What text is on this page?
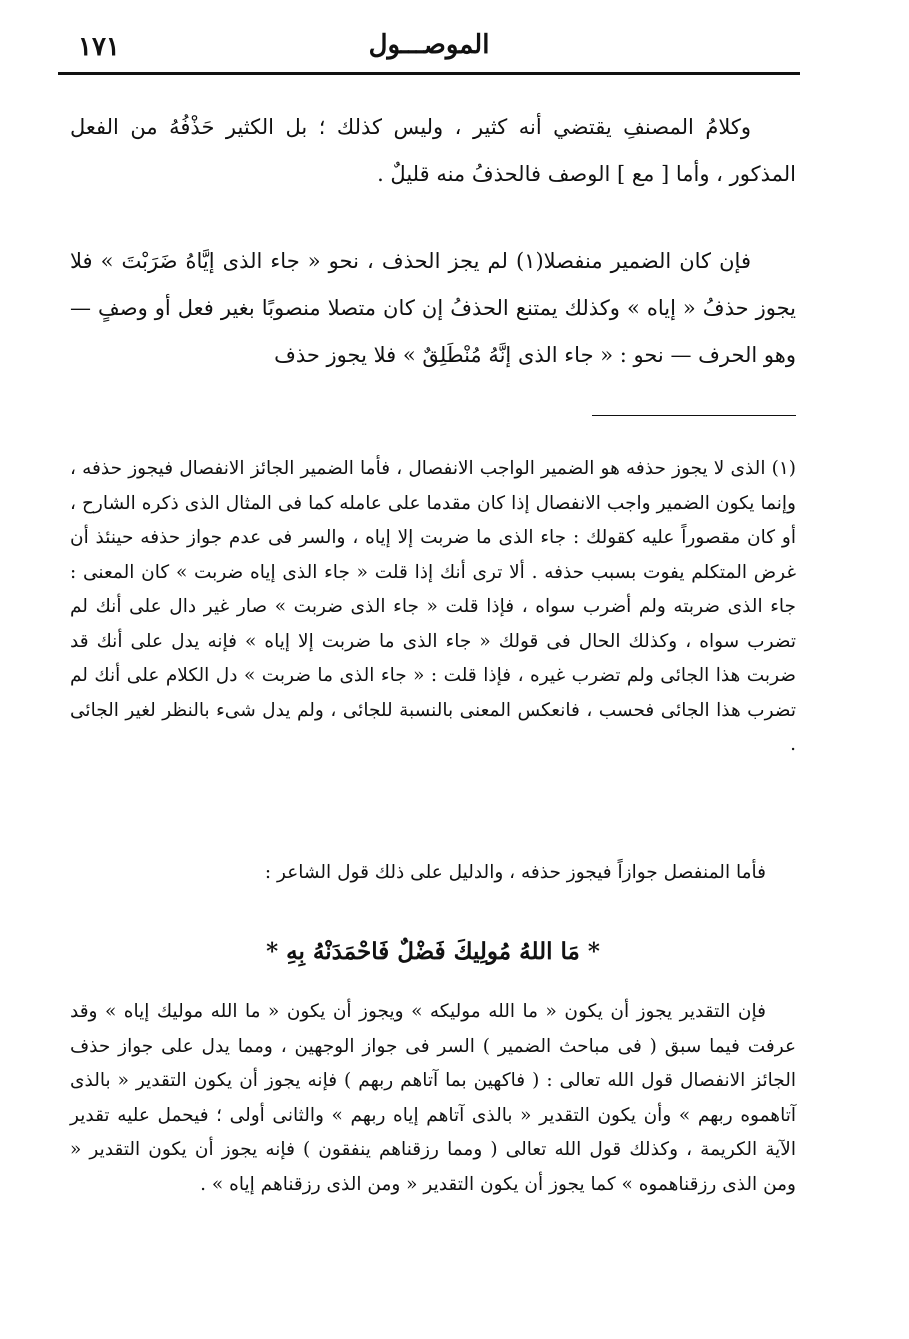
الموصـــول
١٧١
وكلامُ المصنفِ يقتضي أنه كثير ، وليس كذلك ؛ بل الكثير حَذْفُهُ من الفعل المذكور ، وأما [ مع ] الوصف فالحذفُ منه قليلٌ .
فإن كان الضمير منفصلا(١) لم يجز الحذف ، نحو « جاء الذى إيَّاهُ ضَرَبْتَ » فلا يجوز حذفُ « إياه » وكذلك يمتنع الحذفُ إن كان متصلا منصوبًا بغير فعل أو وصفٍ — وهو الحرف — نحو : « جاء الذى إنَّهُ مُنْطَلِقٌ » فلا يجوز حذف
(١) الذى لا يجوز حذفه هو الضمير الواجب الانفصال ، فأما الضمير الجائز الانفصال فيجوز حذفه ، وإنما يكون الضمير واجب الانفصال إذا كان مقدما على عامله كما فى المثال الذى ذكره الشارح ، أو كان مقصوراً عليه كقولك : جاء الذى ما ضربت إلا إياه ، والسر فى عدم جواز حذفه حينئذ أن غرض المتكلم يفوت بسبب حذفه . ألا ترى أنك إذا قلت « جاء الذى إياه ضربت » كان المعنى : جاء الذى ضربته ولم أضرب سواه ، فإذا قلت « جاء الذى ضربت » صار غير دال على أنك لم تضرب سواه ، وكذلك الحال فى قولك « جاء الذى ما ضربت إلا إياه » فإنه يدل على أنك قد ضربت هذا الجائى ولم تضرب غيره ، فإذا قلت : « جاء الذى ما ضربت » دل الكلام على أنك لم تضرب هذا الجائى فحسب ، فانعكس المعنى بالنسبة للجائى ، ولم يدل شىء بالنظر لغير الجائى .
فأما المنفصل جوازاً فيجوز حذفه ، والدليل على ذلك قول الشاعر :
* مَا اللهُ مُولِيكَ فَضْلٌ فَاحْمَدَنْهُ بِهِ *
فإن التقدير يجوز أن يكون « ما الله موليكه » ويجوز أن يكون « ما الله موليك إياه » وقد عرفت فيما سبق ( فى مباحث الضمير ) السر فى جواز الوجهين ، ومما يدل على جواز حذف الجائز الانفصال قول الله تعالى : ( فاكهين بما آتاهم ربهم ) فإنه يجوز أن يكون التقدير « بالذى آتاهموه ربهم » وأن يكون التقدير « بالذى آتاهم إياه ربهم » والثانى أولى ؛ فيحمل عليه تقدير الآية الكريمة ، وكذلك قول الله تعالى ( ومما رزقناهم ينفقون ) فإنه يجوز أن يكون التقدير « ومن الذى رزقناهموه » كما يجوز أن يكون التقدير « ومن الذى رزقناهم إياه » .
